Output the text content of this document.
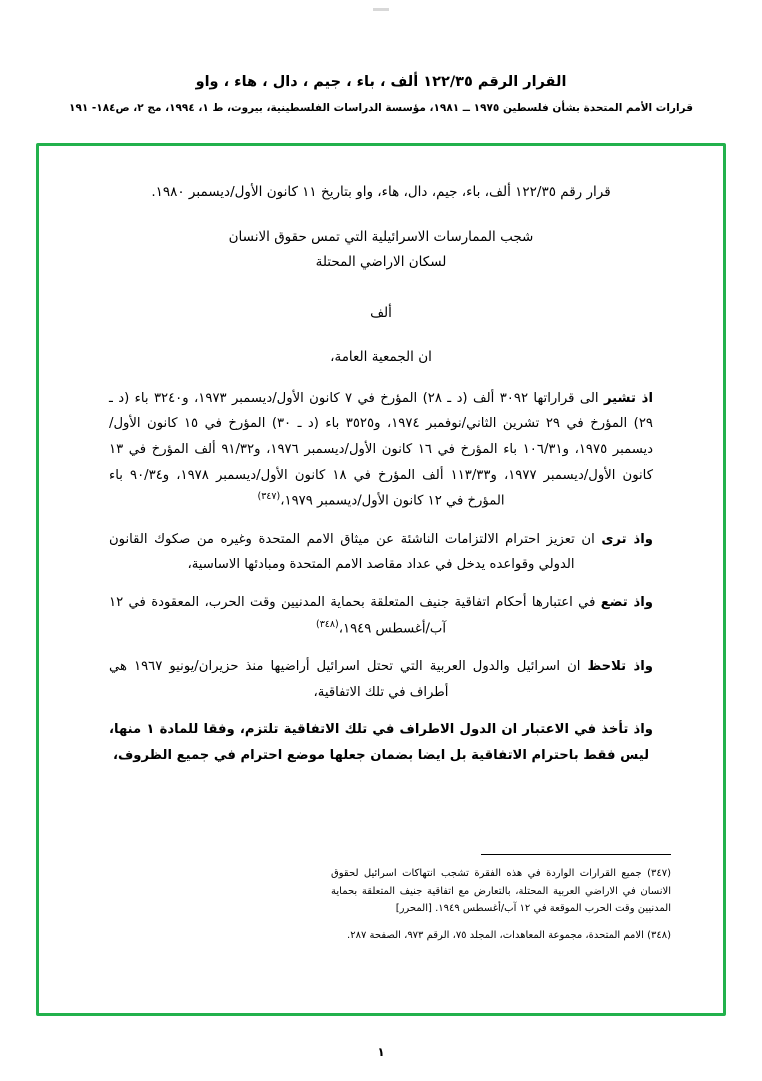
القرار الرقم ١٢٢/٣٥ ألف ، باء ، جيم ، دال ، هاء ، واو
قرارات الأمم المتحدة بشأن فلسطين ١٩٧٥ ــ ١٩٨١، مؤسسة الدراسات الفلسطينية، بيروت، ط ١، ١٩٩٤، مج ٢، ص١٨٤- ١٩١
قرار رقم ١٢٢/٣٥ ألف، باء، جيم، دال، هاء، واو بتاريخ ١١ كانون الأول/ديسمبر ١٩٨٠.
شجب الممارسات الاسرائيلية التي تمس حقوق الانسان
لسكان الاراضي المحتلة
ألف
ان الجمعية العامة،

اذ تشير الى قراراتها ٣٠٩٢ ألف (د ـ ٢٨) المؤرخ في ٧ كانون الأول/ديسمبر ١٩٧٣، و٣٢٤٠ باء (د ـ ٢٩) المؤرخ في ٢٩ تشرين الثاني/نوفمبر ١٩٧٤، و٣٥٢٥ باء (د ـ ٣٠) المؤرخ في ١٥ كانون الأول/ديسمبر ١٩٧٥، و١٠٦/٣١ باء المؤرخ في ١٦ كانون الأول/ديسمبر ١٩٧٦، و٩١/٣٢ ألف المؤرخ في ١٣ كانون الأول/ديسمبر ١٩٧٧، و١١٣/٣٣ ألف المؤرخ في ١٨ كانون الأول/ديسمبر ١٩٧٨، و٩٠/٣٤ باء المؤرخ في ١٢ كانون الأول/ديسمبر ١٩٧٩،$^{(٣٤٧)}$

واذ ترى ان تعزيز احترام الالتزامات الناشئة عن ميثاق الامم المتحدة وغيره من صكوك القانون الدولي وقواعده يدخل في عداد مقاصد الامم المتحدة ومبادئها الاساسية،

واذ تضع في اعتبارها أحكام اتفاقية جنيف المتعلقة بحماية المدنيين وقت الحرب، المعقودة في ١٢ آب/أغسطس ١٩٤٩،$^{(٣٤٨)}$

واذ تلاحظ ان اسرائيل والدول العربية التي تحتل اسرائيل أراضيها منذ حزيران/يونيو ١٩٦٧ هي أطراف في تلك الاتفاقية،

واذ تأخذ في الاعتبار ان الدول الاطراف في تلك الاتفاقية تلتزم، وفقا للمادة ١ منها، ليس فقط باحترام الاتفاقية بل ايضا بضمان جعلها موضع احترام في جميع الظروف،

(٣٤٧) جميع القرارات الواردة في هذه الفقرة تشجب انتهاكات اسرائيل لحقوق الانسان في الاراضي العربية المحتلة، بالتعارض مع اتفاقية جنيف المتعلقة بحماية المدنيين وقت الحرب الموقعة في ١٢ آب/أغسطس ١٩٤٩. [المحرر]
(٣٤٨) الامم المتحدة، مجموعة المعاهدات، المجلد ٧٥، الرقم ٩٧٣، الصفحة ٢٨٧.
١
